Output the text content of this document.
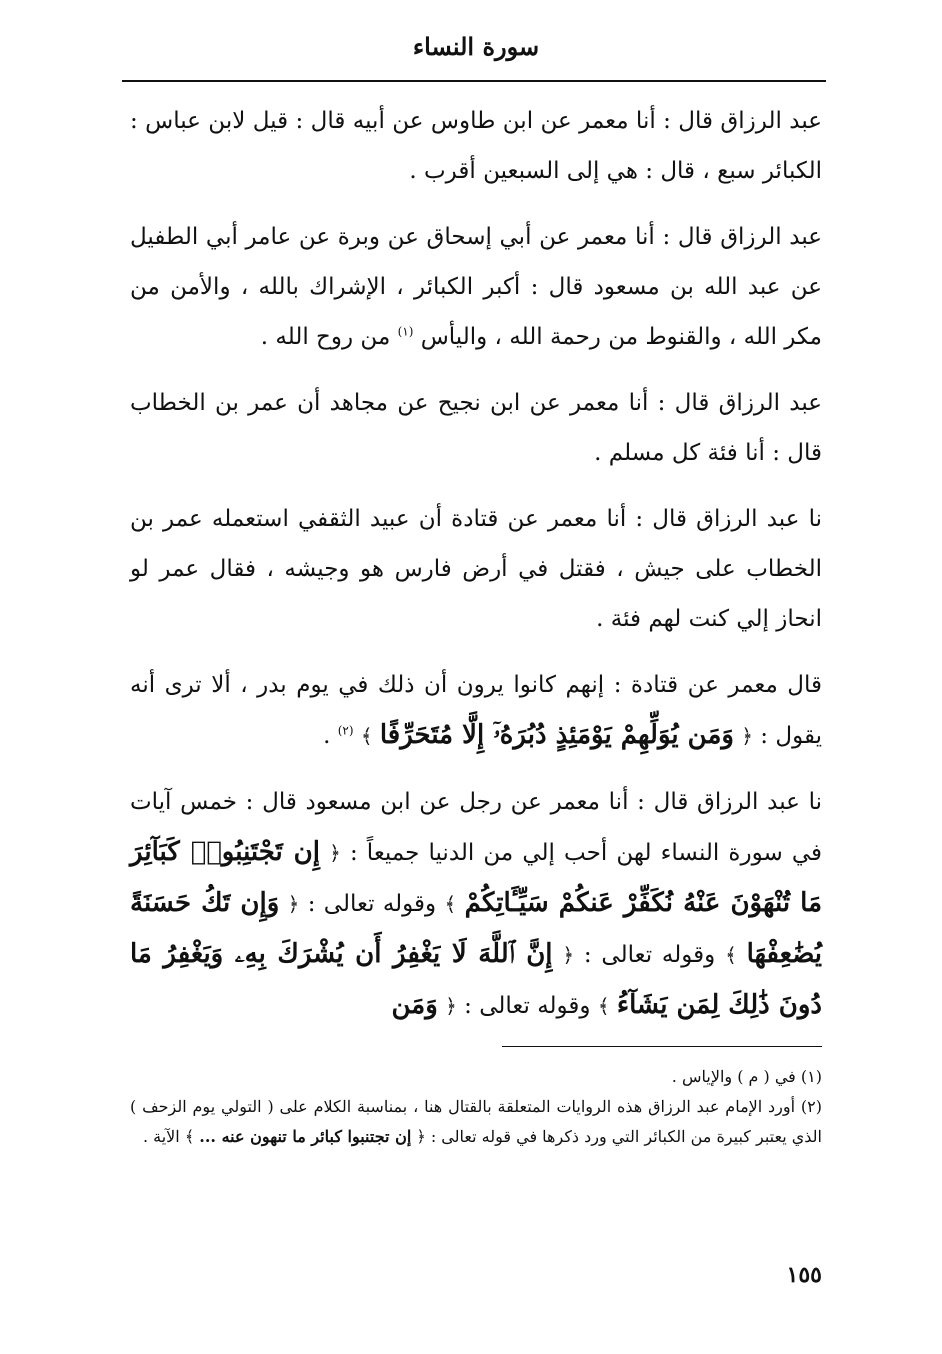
سورة النساء

عبد الرزاق قال : أنا معمر عن ابن طاوس عن أبيه قال : قيل لابن عباس : الكبائر سبع ، قال : هي إلى السبعين أقرب .

عبد الرزاق قال : أنا معمر عن أبي إسحاق عن وبرة عن عامر أبي الطفيل عن عبد الله بن مسعود قال : أكبر الكبائر ، الإشراك بالله ، والأمن من مكر الله ، والقنوط من رحمة الله ، واليأس $^{(١)}$ من روح الله .

عبد الرزاق قال : أنا معمر عن ابن نجيح عن مجاهد أن عمر بن الخطاب قال : أنا فئة كل مسلم .

نا عبد الرزاق قال : أنا معمر عن قتادة أن عبيد الثقفي استعمله عمر بن الخطاب على جيش ، فقتل في أرض فارس هو وجيشه ، فقال عمر لو انحاز إلي كنت لهم فئة .

قال معمر عن قتادة : إنهم كانوا يرون أن ذلك في يوم بدر ، ألا ترى أنه يقول : ﴿ وَمَن يُوَلِّهِمْ يَوْمَئِذٍ دُبُرَهُۥٓ إِلَّا مُتَحَرِّفًا ﴾ $^{(٢)}$ .

نا عبد الرزاق قال : أنا معمر عن رجل عن ابن مسعود قال : خمس آيات في سورة النساء لهن أحب إلي من الدنيا جميعاً : ﴿ إِن تَجْتَنِبُوا۟ كَبَآئِرَ مَا تُنْهَوْنَ عَنْهُ نُكَفِّرْ عَنكُمْ سَيِّـَٔاتِكُمْ ﴾ وقوله تعالى : ﴿ وَإِن تَكُ حَسَنَةً يُضَٰعِفْهَا ﴾ وقوله تعالى : ﴿ إِنَّ ٱللَّهَ لَا يَغْفِرُ أَن يُشْرَكَ بِهِۦ وَيَغْفِرُ مَا دُونَ ذَٰلِكَ لِمَن يَشَآءُ ﴾ وقوله تعالى : ﴿ وَمَن

(١) في ( م ) والإياس .

(٢) أورد الإمام عبد الرزاق هذه الروايات المتعلقة بالقتال هنا ، بمناسبة الكلام على ( التولي يوم الزحف ) الذي يعتبر كبيرة من الكبائر التي ورد ذكرها في قوله تعالى : ﴿ إن تجتنبوا كبائر ما تنهون عنه ... ﴾ الآية .

١٥٥
